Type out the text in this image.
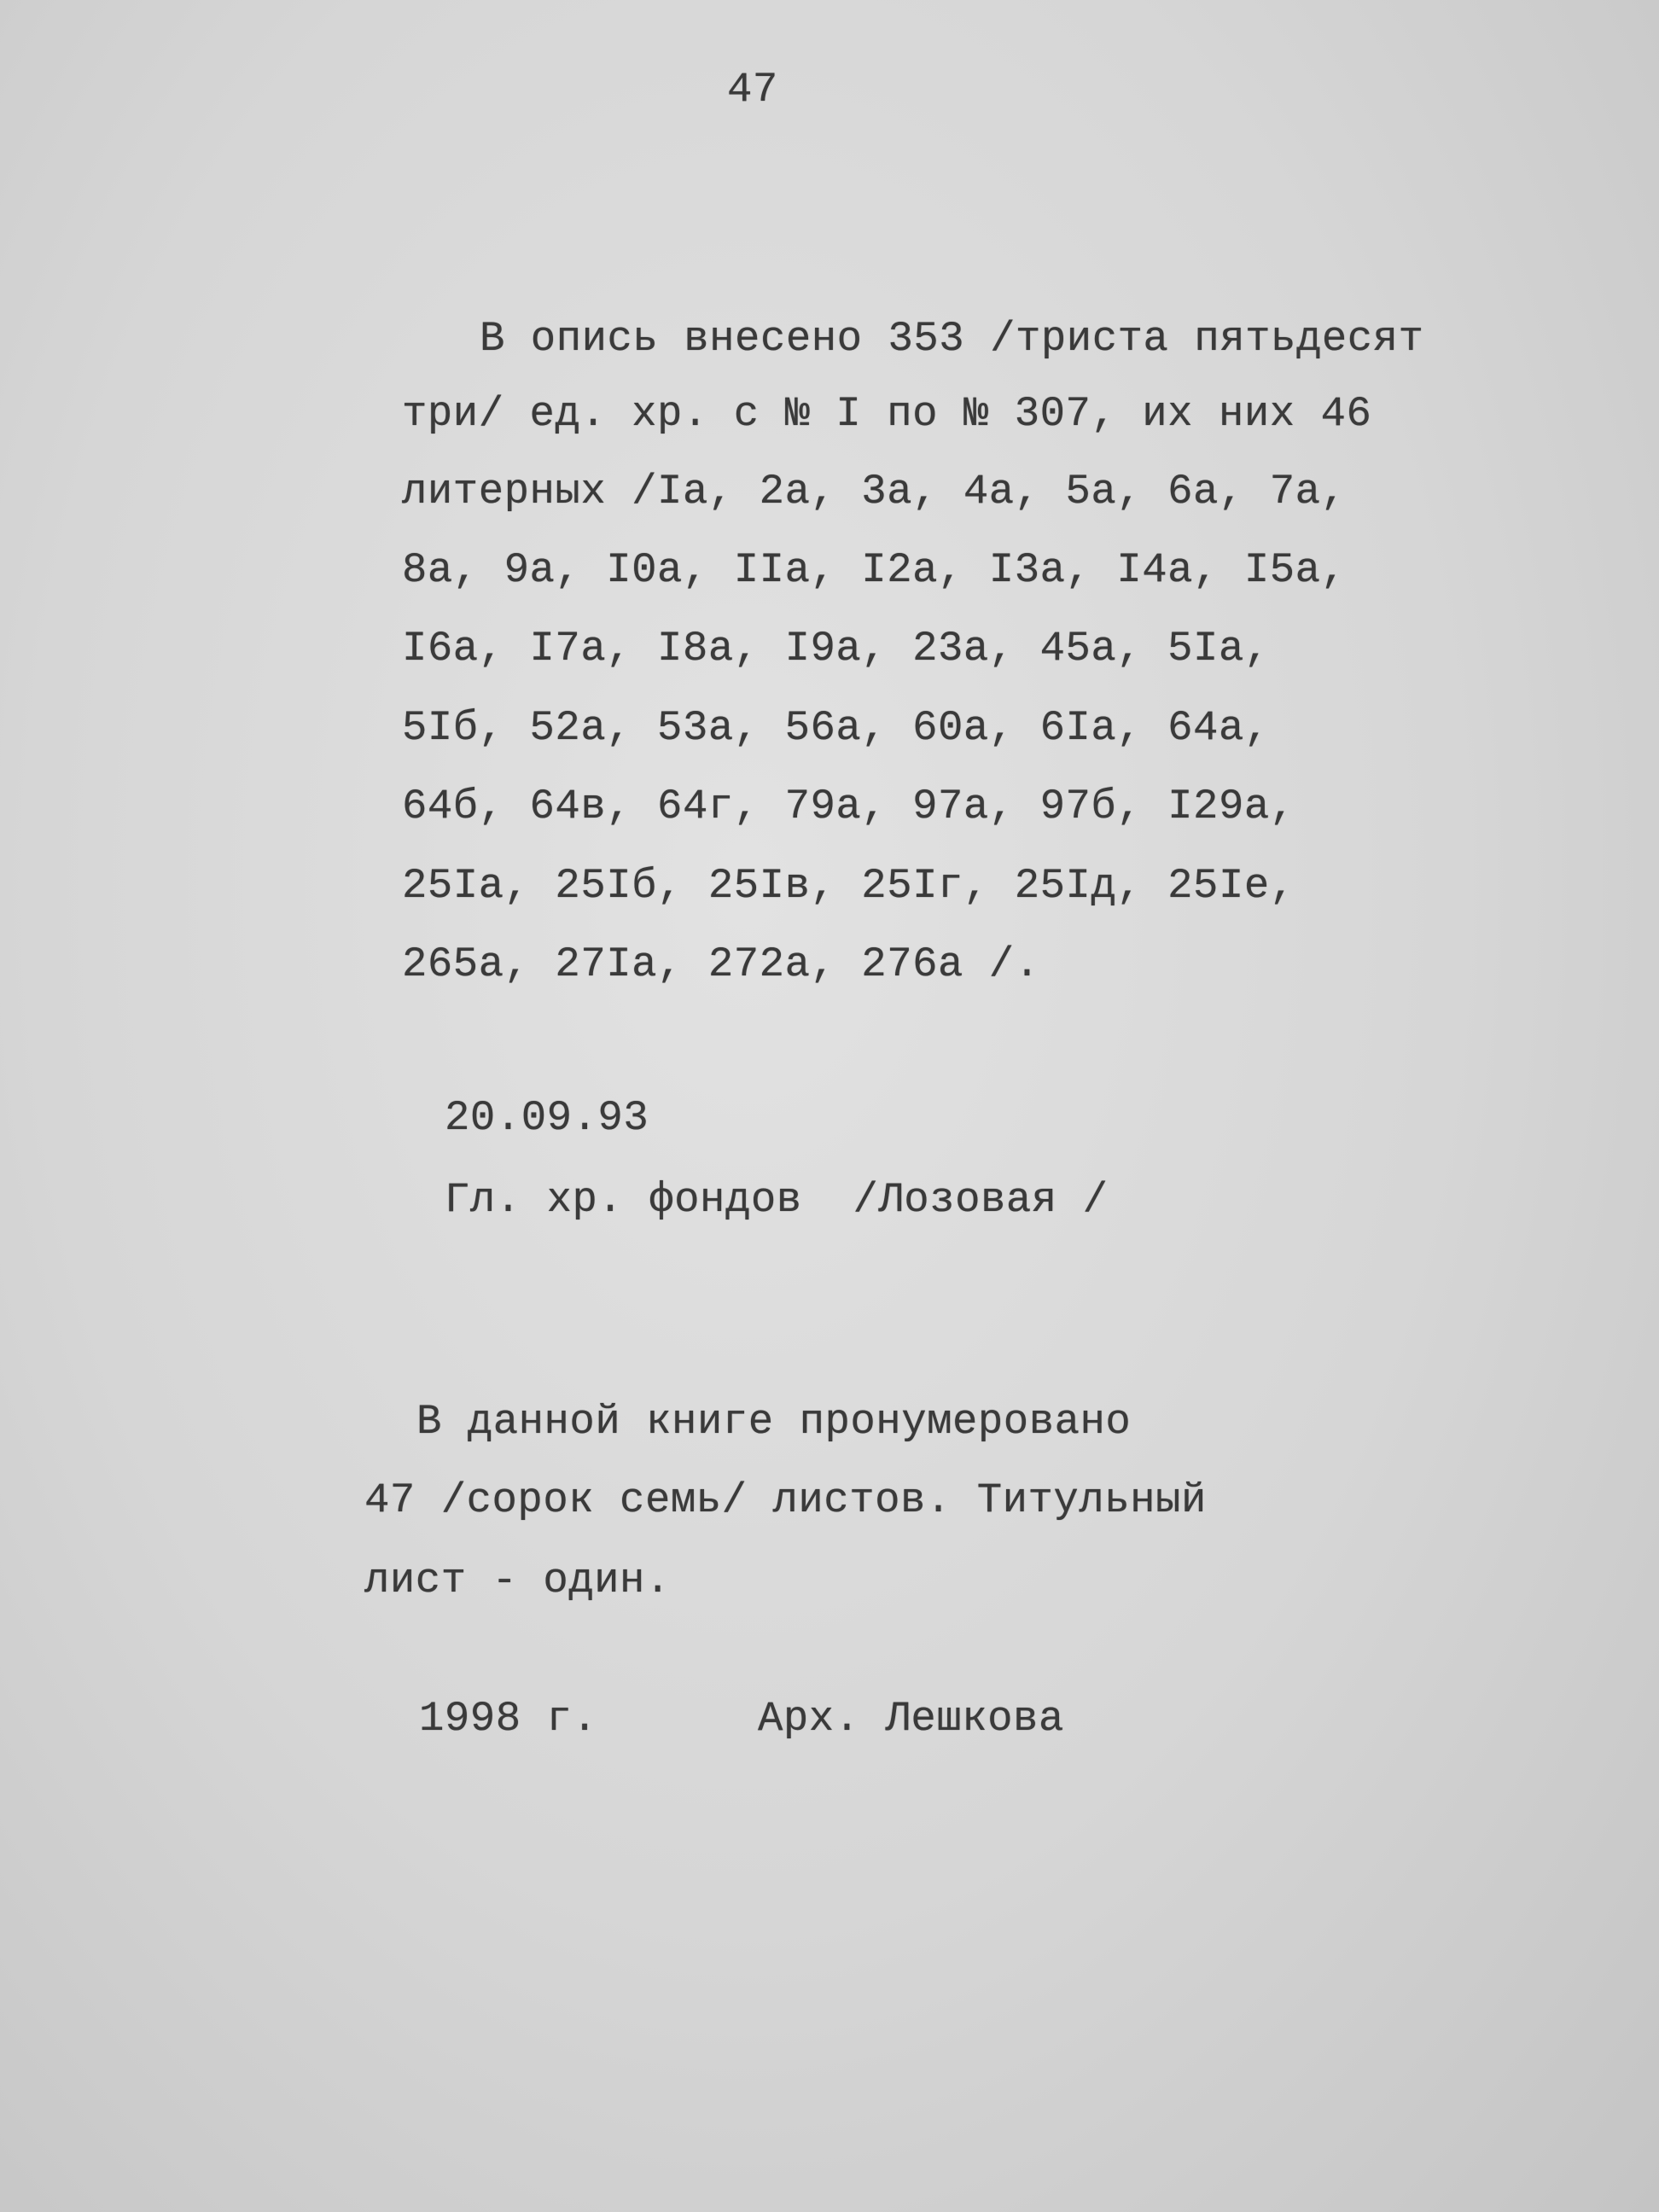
47
В опись внесено 353 /триста пятьдесят
три/ ед. хр. с № I по № 307, их них 46
литерных /Iа, 2а, 3а, 4а, 5а, 6а, 7а,
8а, 9а, I0а, IIа, I2а, I3а, I4а, I5а,
I6а, I7а, I8а, I9а, 23а, 45а, 5Iа,
5Iб, 52а, 53а, 56а, 60а, 6Iа, 64а,
64б, 64в, 64г, 79а, 97а, 97б, I29а,
25Iа, 25Iб, 25Iв, 25Iг, 25Iд, 25Iе,
265а, 27Iа, 272а, 276а /.
20.09.93
Гл. хр. фондов  /Лозовая /
В данной книге пронумеровано
47 /сорок семь/ листов. Титульный
лист - один.
1998 г.	Арх. Лешкова
